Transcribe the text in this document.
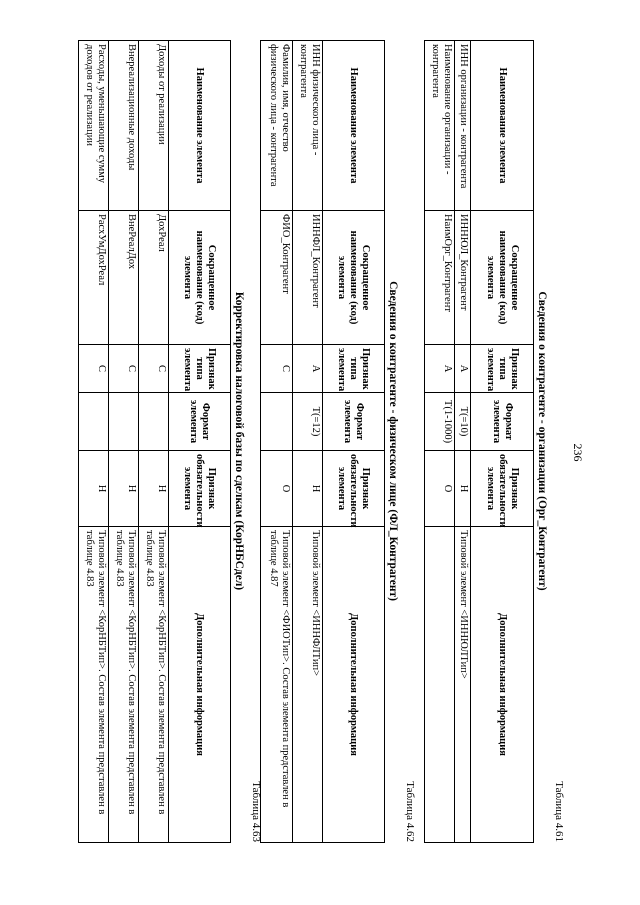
236
Таблица 4.61
Сведения о контрагенте - организации (Орг_Контрагент)
Наименование элемента	Сокращенное наименование (код) элемента	Признак типа элемента	Формат элемента	Признак обязательности элемента	Дополнительная информация
ИНН организации - контрагента	ИННЮЛ_Контрагент	А	T(=10)	Н	Типовой элемент <ИННЮЛТип>
Наименование организации - контрагента	НаимОрг_Контрагент	А	T(1-1000)	О	
Таблица 4.62
Сведения о контрагенте - физическом лице (ФЛ_Контрагент)
Наименование элемента	Сокращенное наименование (код) элемента	Признак типа элемента	Формат элемента	Признак обязательности элемента	Дополнительная информация
ИНН физического лица - контрагента	ИННФЛ_Контрагент	А	T(=12)	Н	Типовой элемент <ИННФЛТип>
Фамилия, имя, отчество физического лица - контрагента	ФИО_Контрагент	С		О	Типовой элемент <ФИОТип>. Состав элемента представлен в таблице 4.87
Таблица 4.63
Корректировка налоговой базы по сделкам (КорНБСдел)
Наименование элемента	Сокращенное наименование (код) элемента	Признак типа элемента	Формат элемента	Признак обязательности элемента	Дополнительная информация
Доходы от реализации	ДохРеал	С		Н	Типовой элемент <КорНБТип>. Состав элемента представлен в таблице 4.83
Внереализационные доходы	ВнеРеалДох	С		Н	Типовой элемент <КорНБТип>. Состав элемента представлен в таблице 4.83
Расходы, уменьшающие сумму доходов от реализации	РасхУмДохРеал	С		Н	Типовой элемент <КорНБТип>. Состав элемента представлен в таблице 4.83
